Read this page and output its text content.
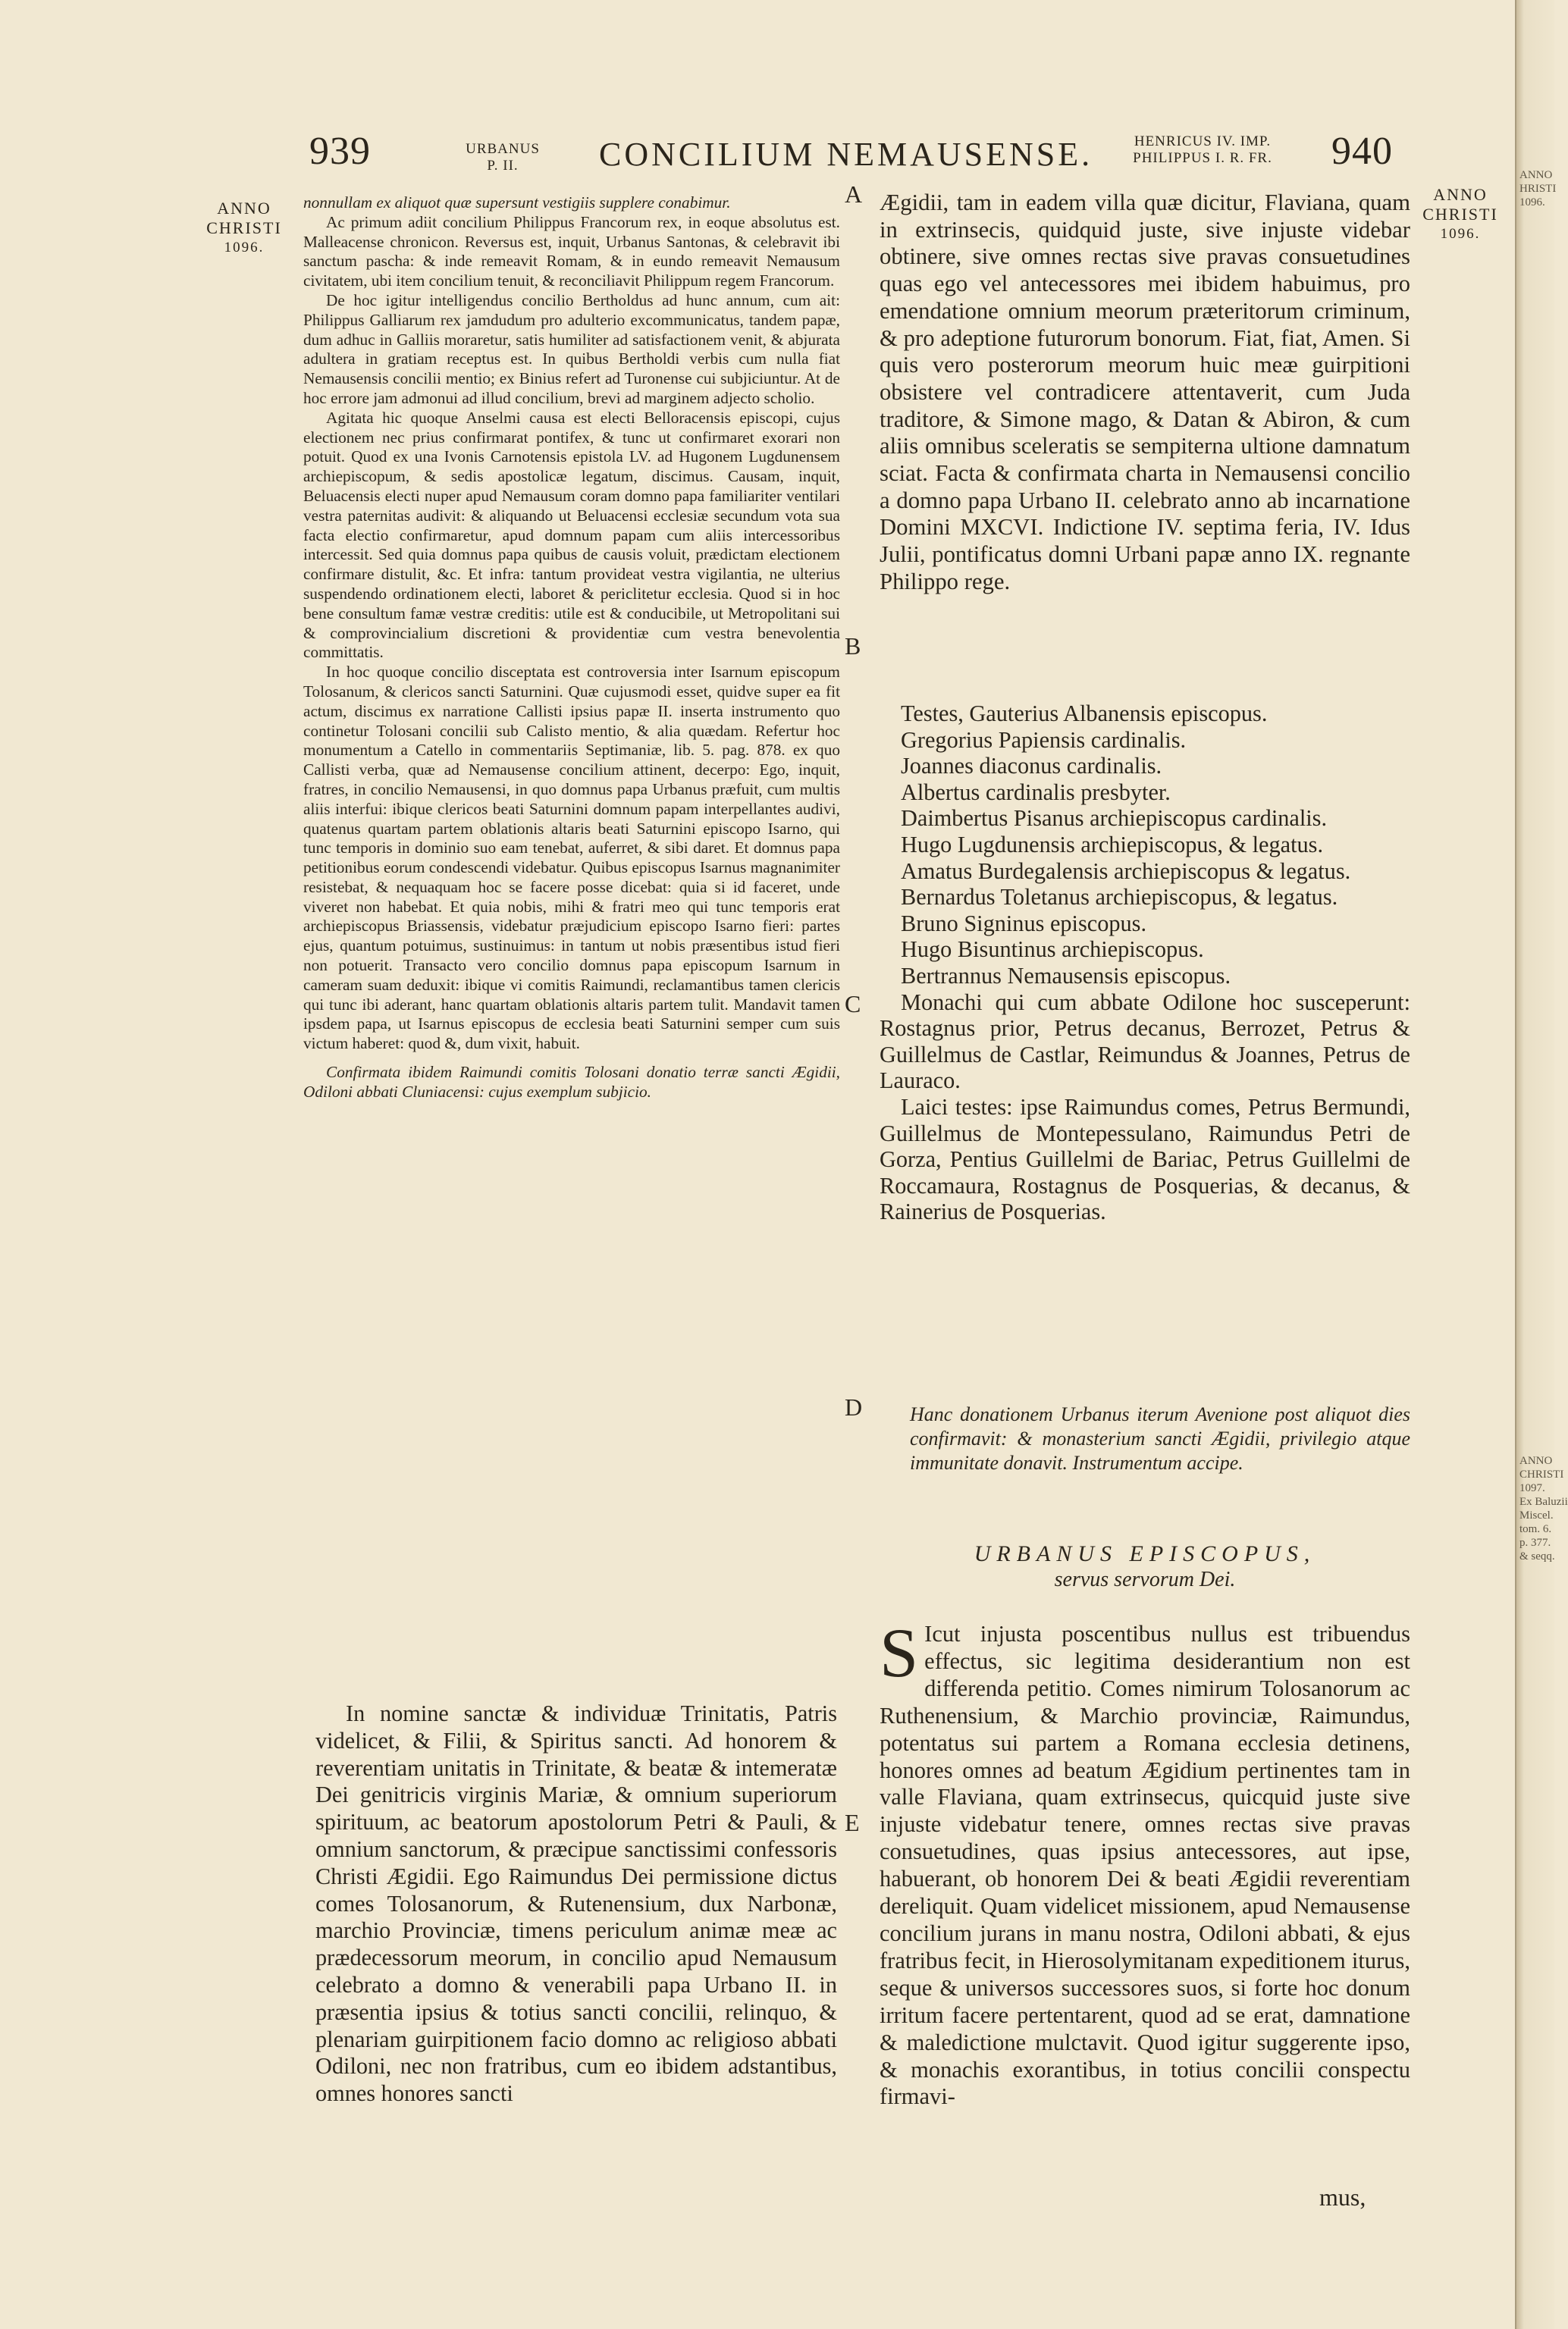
ANNO
HRISTI
1096.
ANNO
CHRISTI
1097.
Ex Baluzii
Miscel.
tom. 6.
p. 377.
& seqq.
939	URBANUS
P. II.	CONCILIUM NEMAUSENSE.	HENRICUS IV. IMP.
PHILIPPUS I. R. FR.	940
ANNO
CHRISTI
1096.
ANNO
CHRISTI
1096.
A
B
C
D
E

nonnullam ex aliquot quæ supersunt vestigiis supplere conabimur.

Ac primum adiit concilium Philippus Francorum rex, in eoque absolutus est. Malleacense chronicon. Reversus est, inquit, Urbanus Santonas, & celebravit ibi sanctum pascha: & inde remeavit Romam, & in eundo remeavit Nemausum civitatem, ubi item concilium tenuit, & reconciliavit Philippum regem Francorum.

De hoc igitur intelligendus concilio Bertholdus ad hunc annum, cum ait: Philippus Galliarum rex jamdudum pro adulterio excommunicatus, tandem papæ, dum adhuc in Galliis moraretur, satis humiliter ad satisfactionem venit, & abjurata adultera in gratiam receptus est. In quibus Bertholdi verbis cum nulla fiat Nemausensis concilii mentio; ex Binius refert ad Turonense cui subjiciuntur. At de hoc errore jam admonui ad illud concilium, brevi ad marginem adjecto scholio.

Agitata hic quoque Anselmi causa est electi Belloracensis episcopi, cujus electionem nec prius confirmarat pontifex, & tunc ut confirmaret exorari non potuit. Quod ex una Ivonis Carnotensis epistola LV. ad Hugonem Lugdunensem archiepiscopum, & sedis apostolicæ legatum, discimus. Causam, inquit, Beluacensis electi nuper apud Nemausum coram domno papa familiariter ventilari vestra paternitas audivit: & aliquando ut Beluacensi ecclesiæ secundum vota sua facta electio confirmaretur, apud domnum papam cum aliis intercessoribus intercessit. Sed quia domnus papa quibus de causis voluit, prædictam electionem confirmare distulit, &c. Et infra: tantum provideat vestra vigilantia, ne ulterius suspendendo ordinationem electi, laboret & periclitetur ecclesia. Quod si in hoc bene consultum famæ vestræ creditis: utile est & conducibile, ut Metropolitani sui & comprovincialium discretioni & providentiæ cum vestra benevolentia committatis.

In hoc quoque concilio disceptata est controversia inter Isarnum episcopum Tolosanum, & clericos sancti Saturnini. Quæ cujusmodi esset, quidve super ea fit actum, discimus ex narratione Callisti ipsius papæ II. inserta instrumento quo continetur Tolosani concilii sub Calisto mentio, & alia quædam. Refertur hoc monumentum a Catello in commentariis Septimaniæ, lib. 5. pag. 878. ex quo Callisti verba, quæ ad Nemausense concilium attinent, decerpo: Ego, inquit, fratres, in concilio Nemausensi, in quo domnus papa Urbanus præfuit, cum multis aliis interfui: ibique clericos beati Saturnini domnum papam interpellantes audivi, quatenus quartam partem oblationis altaris beati Saturnini episcopo Isarno, qui tunc temporis in dominio suo eam tenebat, auferret, & sibi daret. Et domnus papa petitionibus eorum condescendi videbatur. Quibus episcopus Isarnus magnanimiter resistebat, & nequaquam hoc se facere posse dicebat: quia si id faceret, unde viveret non habebat. Et quia nobis, mihi & fratri meo qui tunc temporis erat archiepiscopus Briassensis, videbatur præjudicium episcopo Isarno fieri: partes ejus, quantum potuimus, sustinuimus: in tantum ut nobis præsentibus istud fieri non potuerit. Transacto vero concilio domnus papa episcopum Isarnum in cameram suam deduxit: ibique vi comitis Raimundi, reclamantibus tamen clericis qui tunc ibi aderant, hanc quartam oblationis altaris partem tulit. Mandavit tamen ipsdem papa, ut Isarnus episcopus de ecclesia beati Saturnini semper cum suis victum haberet: quod &, dum vixit, habuit.

Confirmata ibidem Raimundi comitis Tolosani donatio terræ sancti Ægidii, Odiloni abbati Cluniacensi: cujus exemplum subjicio.

In nomine sanctæ & individuæ Trinitatis, Patris videlicet, & Filii, & Spiritus sancti. Ad honorem & reverentiam unitatis in Trinitate, & beatæ & intemeratæ Dei genitricis virginis Mariæ, & omnium superiorum spirituum, ac beatorum apostolorum Petri & Pauli, & omnium sanctorum, & præcipue sanctissimi confessoris Christi Ægidii. Ego Raimundus Dei permissione dictus comes Tolosanorum, & Rutenensium, dux Narbonæ, marchio Provinciæ, timens periculum animæ meæ ac prædecessorum meorum, in concilio apud Nemausum celebrato a domno & venerabili papa Urbano II. in præsentia ipsius & totius sancti concilii, relinquo, & plenariam guirpitionem facio domno ac religioso abbati Odiloni, nec non fratribus, cum eo ibidem adstantibus, omnes honores sancti

Ægidii, tam in eadem villa quæ dicitur, Flaviana, quam in extrinsecis, quidquid juste, sive injuste videbar obtinere, sive omnes rectas sive pravas consuetudines quas ego vel antecessores mei ibidem habuimus, pro emendatione omnium meorum præteritorum criminum, & pro adeptione futurorum bonorum. Fiat, fiat, Amen. Si quis vero posterorum meorum huic meæ guirpitioni obsistere vel contradicere attentaverit, cum Juda traditore, & Simone mago, & Datan & Abiron, & cum aliis omnibus sceleratis se sempiterna ultione damnatum sciat. Facta & confirmata charta in Nemausensi concilio a domno papa Urbano II. celebrato anno ab incarnatione Domini MXCVI. Indictione IV. septima feria, IV. Idus Julii, pontificatus domni Urbani papæ anno IX. regnante Philippo rege.

Testes, Gauterius Albanensis episcopus.

Gregorius Papiensis cardinalis.

Joannes diaconus cardinalis.

Albertus cardinalis presbyter.

Daimbertus Pisanus archiepiscopus cardinalis.

Hugo Lugdunensis archiepiscopus, & legatus.

Amatus Burdegalensis archiepiscopus & legatus.

Bernardus Toletanus archiepiscopus, & legatus.

Bruno Signinus episcopus.

Hugo Bisuntinus archiepiscopus.

Bertrannus Nemausensis episcopus.

Monachi qui cum abbate Odilone hoc susceperunt: Rostagnus prior, Petrus decanus, Berrozet, Petrus & Guillelmus de Castlar, Reimundus & Joannes, Petrus de Lauraco.

Laici testes: ipse Raimundus comes, Petrus Bermundi, Guillelmus de Montepessulano, Raimundus Petri de Gorza, Pentius Guillelmi de Bariac, Petrus Guillelmi de Roccamaura, Rostagnus de Posquerias, & decanus, & Rainerius de Posquerias.

Hanc donationem Urbanus iterum Avenione post aliquot dies confirmavit: & monasterium sancti Ægidii, privilegio atque immunitate donavit. Instrumentum accipe.
URBANUS EPISCOPUS,
servus servorum Dei.

S Icut injusta poscentibus nullus est tribuendus effectus, sic legitima desiderantium non est differenda petitio. Comes nimirum Tolosanorum ac Ruthenensium, & Marchio provinciæ, Raimundus, potentatus sui partem a Romana ecclesia detinens, honores omnes ad beatum Ægidium pertinentes tam in valle Flaviana, quam extrinsecus, quicquid juste sive injuste videbatur tenere, omnes rectas sive pravas consuetudines, quas ipsius antecessores, aut ipse, habuerant, ob honorem Dei & beati Ægidii reverentiam dereliquit. Quam videlicet missionem, apud Nemausense concilium jurans in manu nostra, Odiloni abbati, & ejus fratribus fecit, in Hierosolymitanam expeditionem iturus, seque & universos successores suos, si forte hoc donum irritum facere pertentarent, quod ad se erat, damnatione & maledictione mulctavit. Quod igitur suggerente ipso, & monachis exorantibus, in totius concilii conspectu firmavi-

mus,
